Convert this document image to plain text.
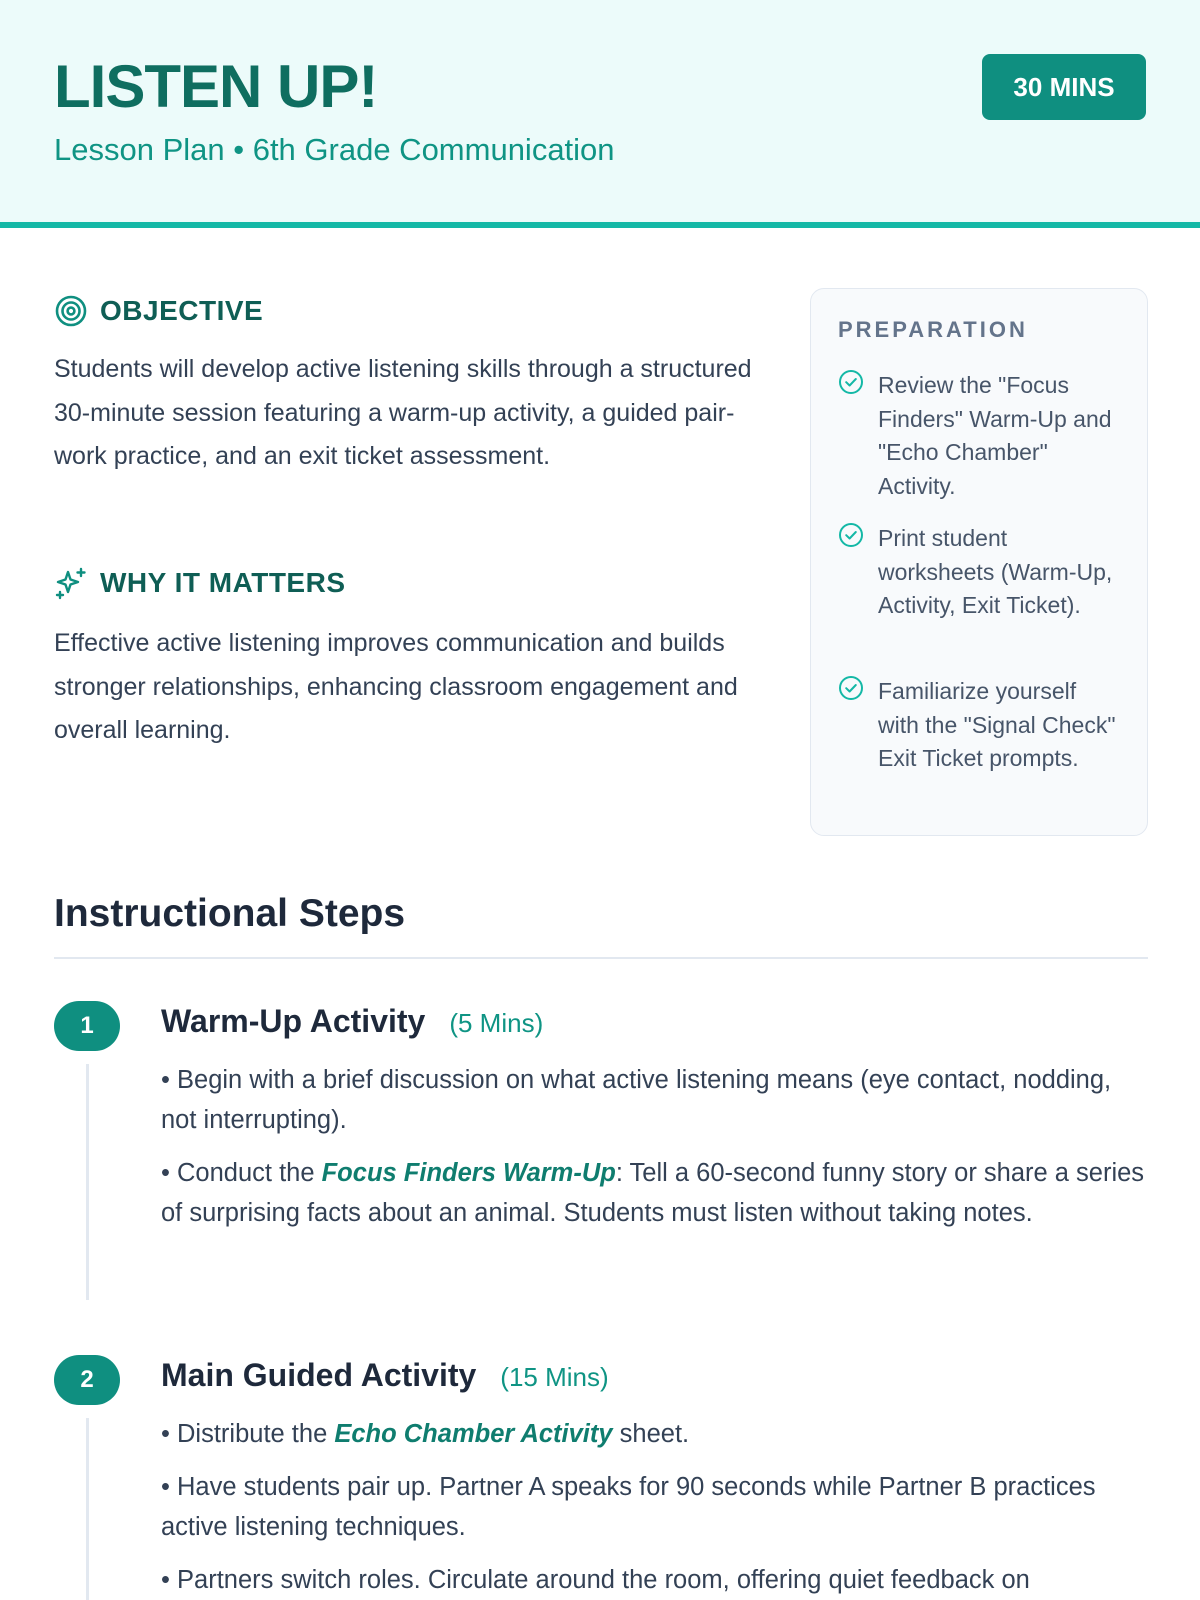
LISTEN UP!
Lesson Plan • 6th Grade Communication
30 MINS
OBJECTIVE
Students will develop active listening skills through a structured 30-minute session featuring a warm-up activity, a guided pair-work practice, and an exit ticket assessment.
WHY IT MATTERS
Effective active listening improves communication and builds stronger relationships, enhancing classroom engagement and overall learning.
PREPARATION
Review the "Focus Finders" Warm-Up and "Echo Chamber" Activity.
Print student worksheets (Warm-Up, Activity, Exit Ticket).
Familiarize yourself with the "Signal Check" Exit Ticket prompts.
Instructional Steps
1	Warm-Up Activity (5 Mins)
• Begin with a brief discussion on what active listening means (eye contact, nodding, not interrupting).
• Conduct the Focus Finders Warm-Up: Tell a 60-second funny story or share a series of surprising facts about an animal. Students must listen without taking notes.
2	Main Guided Activity (15 Mins)
• Distribute the Echo Chamber Activity sheet.
• Have students pair up. Partner A speaks for 90 seconds while Partner B practices active listening techniques.
• Partners switch roles. Circulate around the room, offering quiet feedback on
